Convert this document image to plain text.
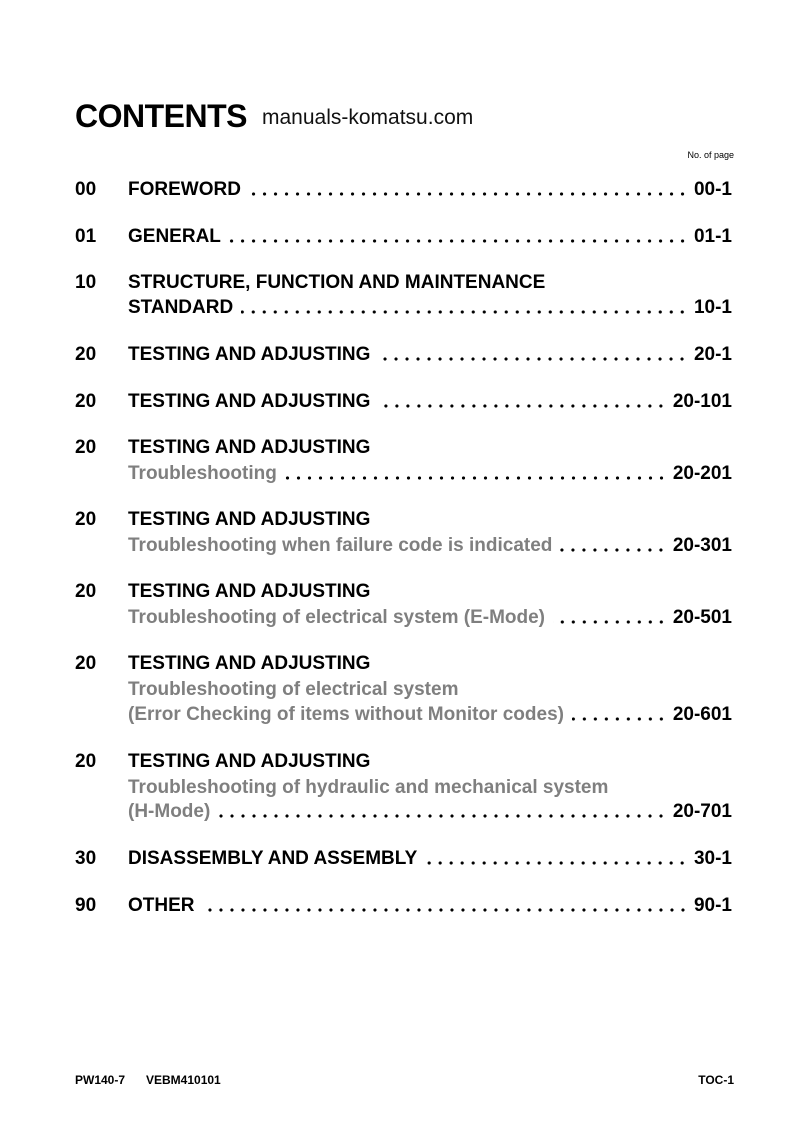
CONTENTS manuals-komatsu.com
No. of page
00 FOREWORD	00-1
01 GENERAL	01-1
10 STRUCTURE, FUNCTION AND MAINTENANCE
STANDARD	10-1
20 TESTING AND ADJUSTING	20-1
20 TESTING AND ADJUSTING	20-101
20 TESTING AND ADJUSTING
Troubleshooting	20-201
20 TESTING AND ADJUSTING
Troubleshooting when failure code is indicated	20-301
20 TESTING AND ADJUSTING
Troubleshooting of electrical system (E-Mode)	20-501
20 TESTING AND ADJUSTING
Troubleshooting of electrical system
(Error Checking of items without Monitor codes)	20-601
20 TESTING AND ADJUSTING
Troubleshooting of hydraulic and mechanical system
(H-Mode)	20-701
30 DISASSEMBLY AND ASSEMBLY	30-1
90 OTHER	90-1
PW140-7 VEBM410101	TOC-1
